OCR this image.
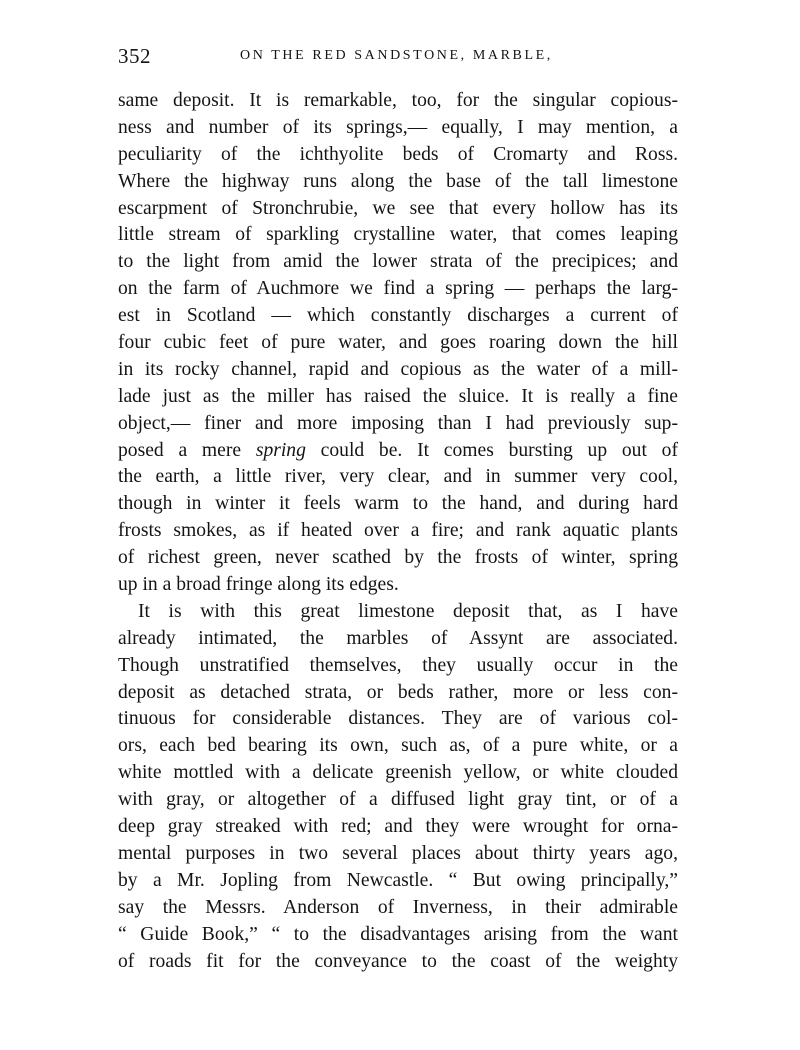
352	ON THE RED SANDSTONE, MARBLE,
same deposit. It is remarkable, too, for the singular copious-
ness and number of its springs,— equally, I may mention, a
peculiarity of the ichthyolite beds of Cromarty and Ross.
Where the highway runs along the base of the tall limestone
escarpment of Stronchrubie, we see that every hollow has its
little stream of sparkling crystalline water, that comes leaping
to the light from amid the lower strata of the precipices; and
on the farm of Auchmore we find a spring — perhaps the larg-
est in Scotland — which constantly discharges a current of
four cubic feet of pure water, and goes roaring down the hill
in its rocky channel, rapid and copious as the water of a mill-
lade just as the miller has raised the sluice. It is really a fine
object,— finer and more imposing than I had previously sup-
posed a mere spring could be. It comes bursting up out of
the earth, a little river, very clear, and in summer very cool,
though in winter it feels warm to the hand, and during hard
frosts smokes, as if heated over a fire; and rank aquatic plants
of richest green, never scathed by the frosts of winter, spring
up in a broad fringe along its edges.
It is with this great limestone deposit that, as I have
already intimated, the marbles of Assynt are associated.
Though unstratified themselves, they usually occur in the
deposit as detached strata, or beds rather, more or less con-
tinuous for considerable distances. They are of various col-
ors, each bed bearing its own, such as, of a pure white, or a
white mottled with a delicate greenish yellow, or white clouded
with gray, or altogether of a diffused light gray tint, or of a
deep gray streaked with red; and they were wrought for orna-
mental purposes in two several places about thirty years ago,
by a Mr. Jopling from Newcastle. “ But owing principally,”
say the Messrs. Anderson of Inverness, in their admirable
“ Guide Book,” “ to the disadvantages arising from the want
of roads fit for the conveyance to the coast of the weighty
